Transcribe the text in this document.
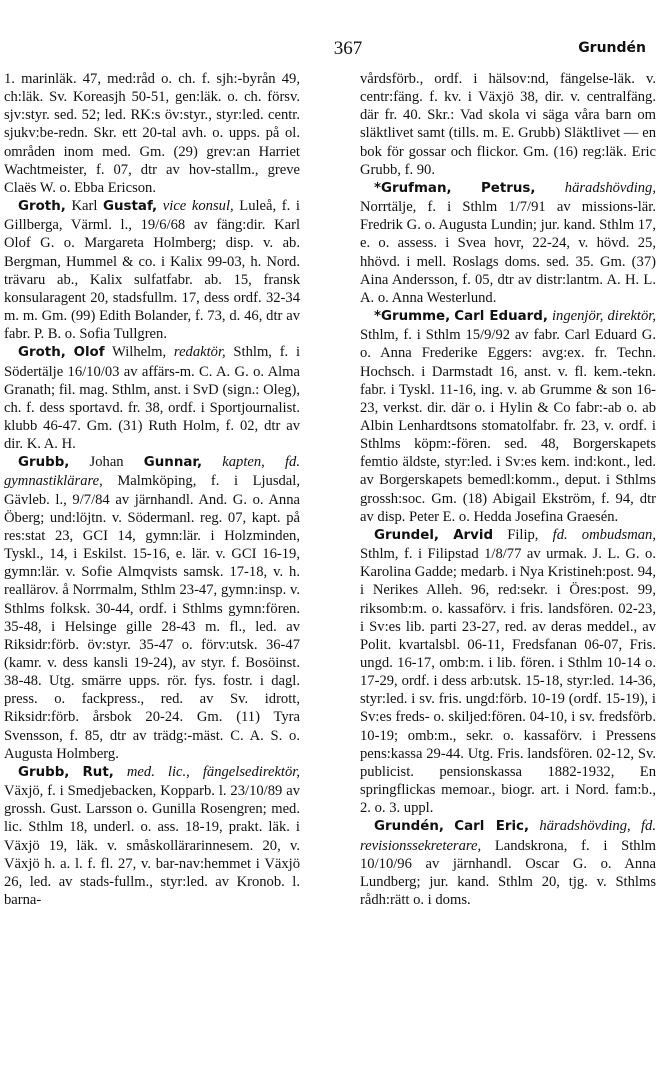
367	Grundén

1. marinläk. 47, med:råd o. ch. f. sjh:-byrån 49, ch:läk. Sv. Koreasjh 50-51, gen:läk. o. ch. försv. sjv:styr. sed. 52; led. RK:s öv:styr., styr:led. centr. sjukv:be-redn. Skr. ett 20-tal avh. o. upps. på ol. områden inom med. Gm. (29) grev:an Harriet Wachtmeister, f. 07, dtr av hov-stallm., greve Claës W. o. Ebba Ericson.

Groth, Karl Gustaf, vice konsul, Luleå, f. i Gillberga, Värml. l., 19/6/68 av fäng:dir. Karl Olof G. o. Margareta Holmberg; disp. v. ab. Bergman, Hummel & co. i Kalix 99-03, h. Nord. trävaru ab., Kalix sulfatfabr. ab. 15, fransk konsularagent 20, stadsfullm. 17, dess ordf. 32-34 m. m. Gm. (99) Edith Bolander, f. 73, d. 46, dtr av fabr. P. B. o. Sofia Tullgren.

Groth, Olof Wilhelm, redaktör, Sthlm, f. i Södertälje 16/10/03 av affärs-m. C. A. G. o. Alma Granath; fil. mag. Sthlm, anst. i SvD (sign.: Oleg), ch. f. dess sportavd. fr. 38, ordf. i Sportjournalist. klubb 46-47. Gm. (31) Ruth Holm, f. 02, dtr av dir. K. A. H.

Grubb, Johan Gunnar, kapten, fd. gymnastiklärare, Malmköping, f. i Ljusdal, Gävleb. l., 9/7/84 av järnhandl. And. G. o. Anna Öberg; und:löjtn. v. Södermanl. reg. 07, kapt. på res:stat 23, GCI 14, gymn:lär. i Holzminden, Tyskl., 14, i Eskilst. 15-16, e. lär. v. GCI 16-19, gymn:lär. v. Sofie Almqvists samsk. 17-18, v. h. reallärov. å Norrmalm, Sthlm 23-47, gymn:insp. v. Sthlms folksk. 30-44, ordf. i Sthlms gymn:fören. 35-48, i Helsinge gille 28-43 m. fl., led. av Riksidr:förb. öv:styr. 35-47 o. förv:utsk. 36-47 (kamr. v. dess kansli 19-24), av styr. f. Bosöinst. 38-48. Utg. smärre upps. rör. fys. fostr. i dagl. press. o. fackpress., red. av Sv. idrott, Riksidr:förb. årsbok 20-24. Gm. (11) Tyra Svensson, f. 85, dtr av trädg:-mäst. C. A. S. o. Augusta Holmberg.

Grubb, Rut, med. lic., fängelsedirektör, Växjö, f. i Smedjebacken, Kopparb. l. 23/10/89 av grossh. Gust. Larsson o. Gunilla Rosengren; med. lic. Sthlm 18, underl. o. ass. 18-19, prakt. läk. i Växjö 19, läk. v. småskollärarinnesem. 20, v. Växjö h. a. l. f. fl. 27, v. bar-nav:hemmet i Växjö 26, led. av stads-fullm., styr:led. av Kronob. l. barna-

vårdsförb., ordf. i hälsov:nd, fängelse-läk. v. centr:fäng. f. kv. i Växjö 38, dir. v. centralfäng. där fr. 40. Skr.: Vad skola vi säga våra barn om släktlivet samt (tills. m. E. Grubb) Släktlivet — en bok för gossar och flickor. Gm. (16) reg:läk. Eric Grubb, f. 90.

*Grufman, Petrus, häradshövding, Norrtälje, f. i Sthlm 1/7/91 av missions-lär. Fredrik G. o. Augusta Lundin; jur. kand. Sthlm 17, e. o. assess. i Svea hovr, 22-24, v. hövd. 25, hhövd. i mell. Roslags doms. sed. 35. Gm. (37) Aina Andersson, f. 05, dtr av distr:lantm. A. H. L. A. o. Anna Westerlund.

*Grumme, Carl Eduard, ingenjör, direktör, Sthlm, f. i Sthlm 15/9/92 av fabr. Carl Eduard G. o. Anna Frederike Eggers: avg:ex. fr. Techn. Hochsch. i Darmstadt 16, anst. v. fl. kem.-tekn. fabr. i Tyskl. 11-16, ing. v. ab Grumme & son 16-23, verkst. dir. där o. i Hylin & Co fabr:-ab o. ab Albin Lenhardtsons stomatolfabr. fr. 23, v. ordf. i Sthlms köpm:-fören. sed. 48, Borgerskapets femtio äldste, styr:led. i Sv:es kem. ind:kont., led. av Borgerskapets bemedl:komm., deput. i Sthlms grossh:soc. Gm. (18) Abigail Ekström, f. 94, dtr av disp. Peter E. o. Hedda Josefina Graesén.

Grundel, Arvid Filip, fd. ombudsman, Sthlm, f. i Filipstad 1/8/77 av urmak. J. L. G. o. Karolina Gadde; medarb. i Nya Kristineh:post. 94, i Nerikes Alleh. 96, red:sekr. i Öres:post. 99, riksomb:m. o. kassaförv. i fris. landsfören. 02-23, i Sv:es lib. parti 23-27, red. av deras meddel., av Polit. kvartalsbl. 06-11, Fredsfanan 06-07, Fris. ungd. 16-17, omb:m. i lib. fören. i Sthlm 10-14 o. 17-29, ordf. i dess arb:utsk. 15-18, styr:led. 14-36, styr:led. i sv. fris. ungd:förb. 10-19 (ordf. 15-19), i Sv:es freds- o. skiljed:fören. 04-10, i sv. fredsförb. 10-19; omb:m., sekr. o. kassaförv. i Pressens pens:kassa 29-44. Utg. Fris. landsfören. 02-12, Sv. publicist. pensionskassa 1882-1932, En springflickas memoar., biogr. art. i Nord. fam:b., 2. o. 3. uppl.

Grundén, Carl Eric, häradshövding, fd. revisionssekreterare, Landskrona, f. i Sthlm 10/10/96 av järnhandl. Oscar G. o. Anna Lundberg; jur. kand. Sthlm 20, tjg. v. Sthlms rådh:rätt o. i doms.
